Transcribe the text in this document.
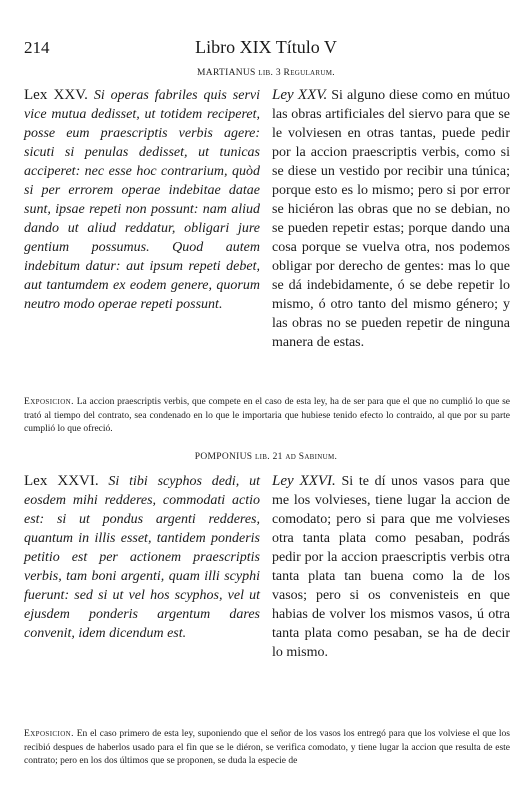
214	Libro XIX Título V
MARTIANUS lib. 3 Regularum.
Lex XXV. Si operas fabriles quis servi vice mutua dedisset, ut totidem reciperet, posse eum praescriptis verbis agere: sicuti si penulas dedisset, ut tunicas acciperet: nec esse hoc contrarium, quòd si per errorem operae indebitae datae sunt, ipsae repeti non possunt: nam aliud dando ut aliud reddatur, obligari jure gentium possumus. Quod autem indebitum datur: aut ipsum repeti debet, aut tantumdem ex eodem genere, quorum neutro modo operae repeti possunt.
Ley XXV. Si alguno diese como en mútuo las obras artificiales del siervo para que se le volviesen en otras tantas, puede pedir por la accion praescriptis verbis, como si se diese un vestido por recibir una túnica; porque esto es lo mismo; pero si por error se hiciéron las obras que no se debian, no se pueden repetir estas; porque dando una cosa porque se vuelva otra, nos podemos obligar por derecho de gentes: mas lo que se dá indebidamente, ó se debe repetir lo mismo, ó otro tanto del mismo género; y las obras no se pueden repetir de ninguna manera de estas.
Exposicion. La accion praescriptis verbis, que compete en el caso de esta ley, ha de ser para que el que no cumplió lo que se trató al tiempo del contrato, sea condenado en lo que le importaria que hubiese tenido efecto lo contraido, al que por su parte cumplió lo que ofreció.
POMPONIUS lib. 21 ad Sabinum.
Lex XXVI. Si tibi scyphos dedi, ut eosdem mihi redderes, commodati actio est: si ut pondus argenti redderes, quantum in illis esset, tantidem ponderis petitio est per actionem praescriptis verbis, tam boni argenti, quam illi scyphi fuerunt: sed si ut vel hos scyphos, vel ut ejusdem ponderis argentum dares convenit, idem dicendum est.
Ley XXVI. Si te dí unos vasos para que me los volvieses, tiene lugar la accion de comodato; pero si para que me volvieses otra tanta plata como pesaban, podrás pedir por la accion praescriptis verbis otra tanta plata tan buena como la de los vasos; pero si os convenisteis en que habias de volver los mismos vasos, ú otra tanta plata como pesaban, se ha de decir lo mismo.
Exposicion. En el caso primero de esta ley, suponiendo que el señor de los vasos los entregó para que los volviese el que los recibió despues de haberlos usado para el fin que se le diéron, se verifica comodato, y tiene lugar la accion que resulta de este contrato; pero en los dos últimos que se proponen, se duda la especie de
